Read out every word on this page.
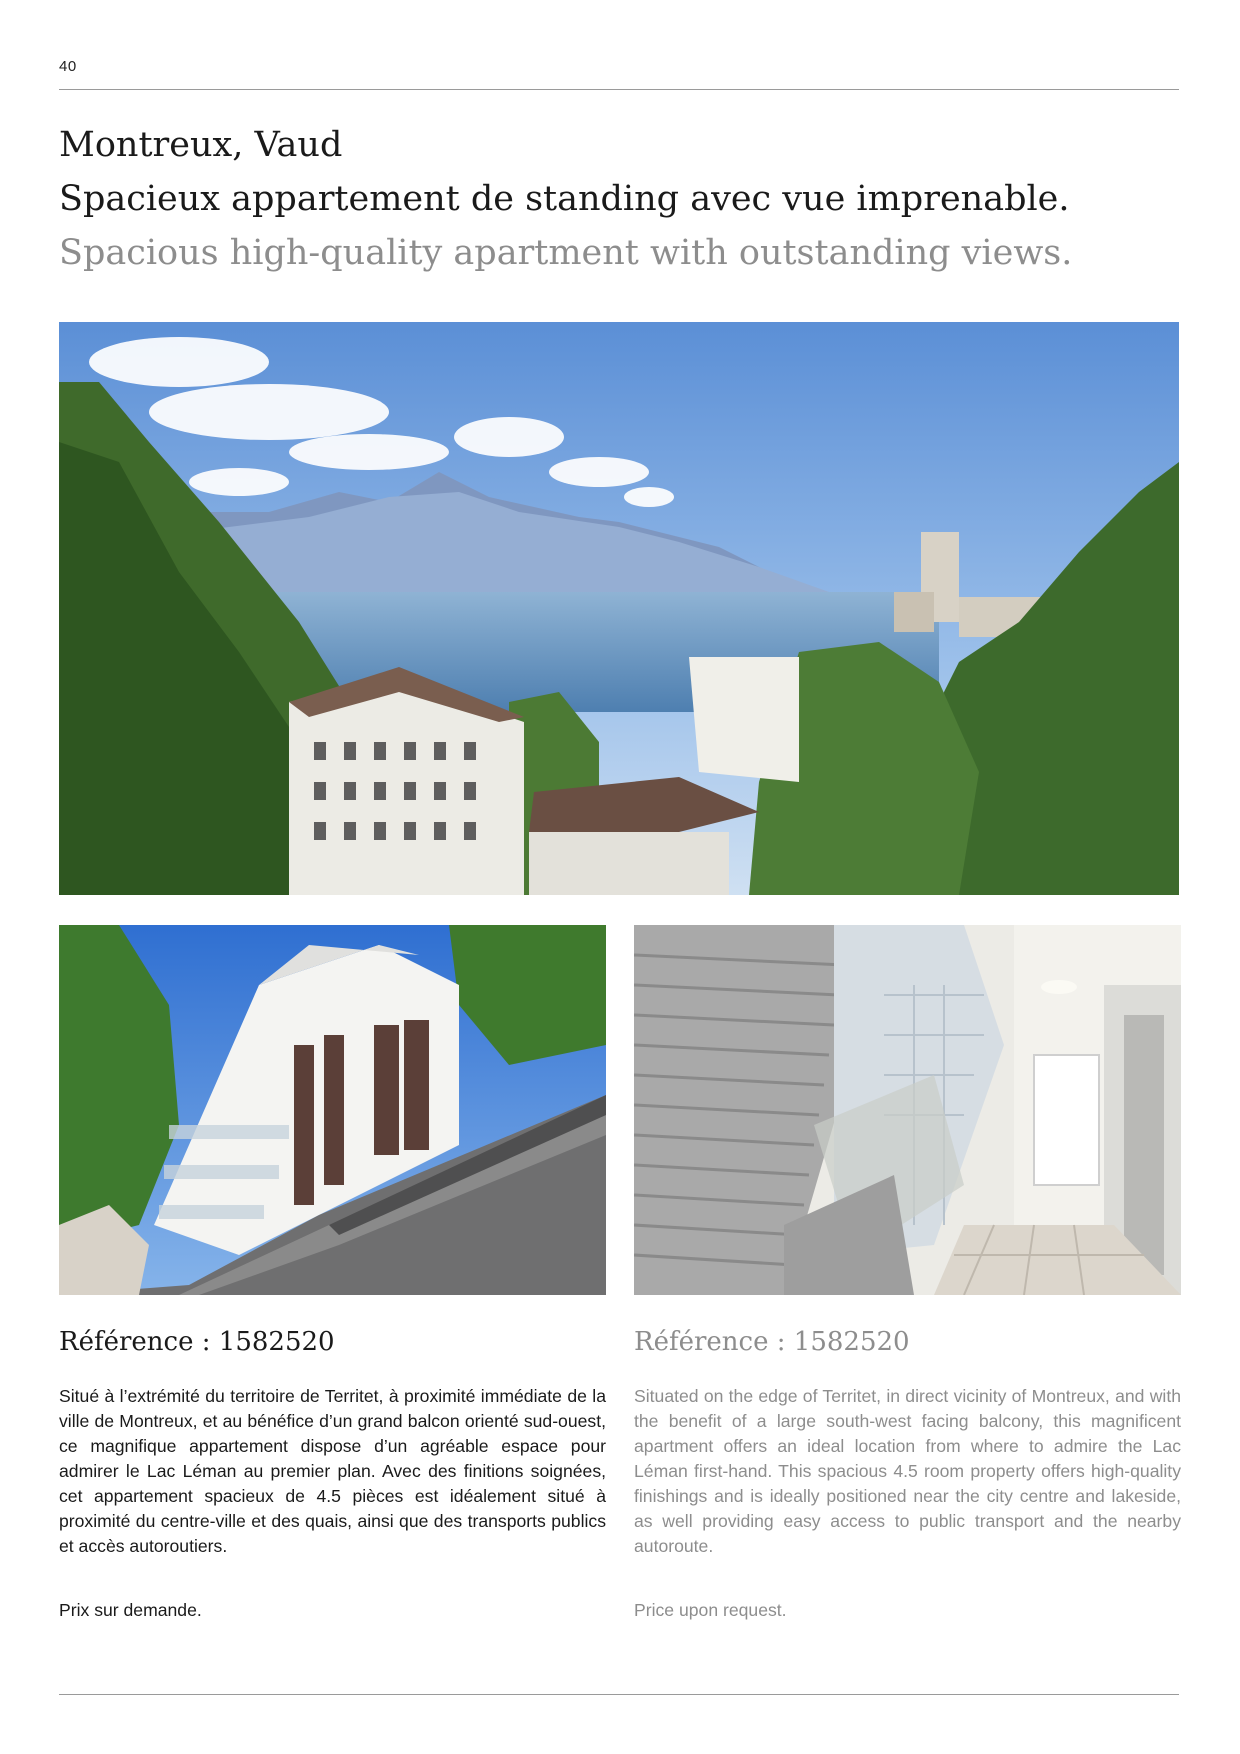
40
Montreux, Vaud
Spacieux appartement de standing avec vue imprenable.
Spacious high-quality apartment with outstanding views.
Référence : 1582520

Situé à l’extrémité du territoire de Territet, à proximité immédiate de la ville de Montreux, et au bénéfice d’un grand balcon orienté sud-ouest, ce magnifique appartement dispose d’un agréable espace pour admirer le Lac Léman au premier plan. Avec des finitions soignées, cet appartement spacieux de 4.5 pièces est idéalement situé à proximité du centre-ville et des quais, ainsi que des transports publics et accès autoroutiers.

Prix sur demande.
Référence : 1582520

Situated on the edge of Territet, in direct vicinity of Montreux, and with the benefit of a large south-west facing balcony, this magnificent apartment offers an ideal location from where to admire the Lac Léman first-hand. This spacious 4.5 room property offers high-quality finishings and is ideally positioned near the city centre and lakeside, as well providing easy access to public transport and the nearby autoroute.

Price upon request.
